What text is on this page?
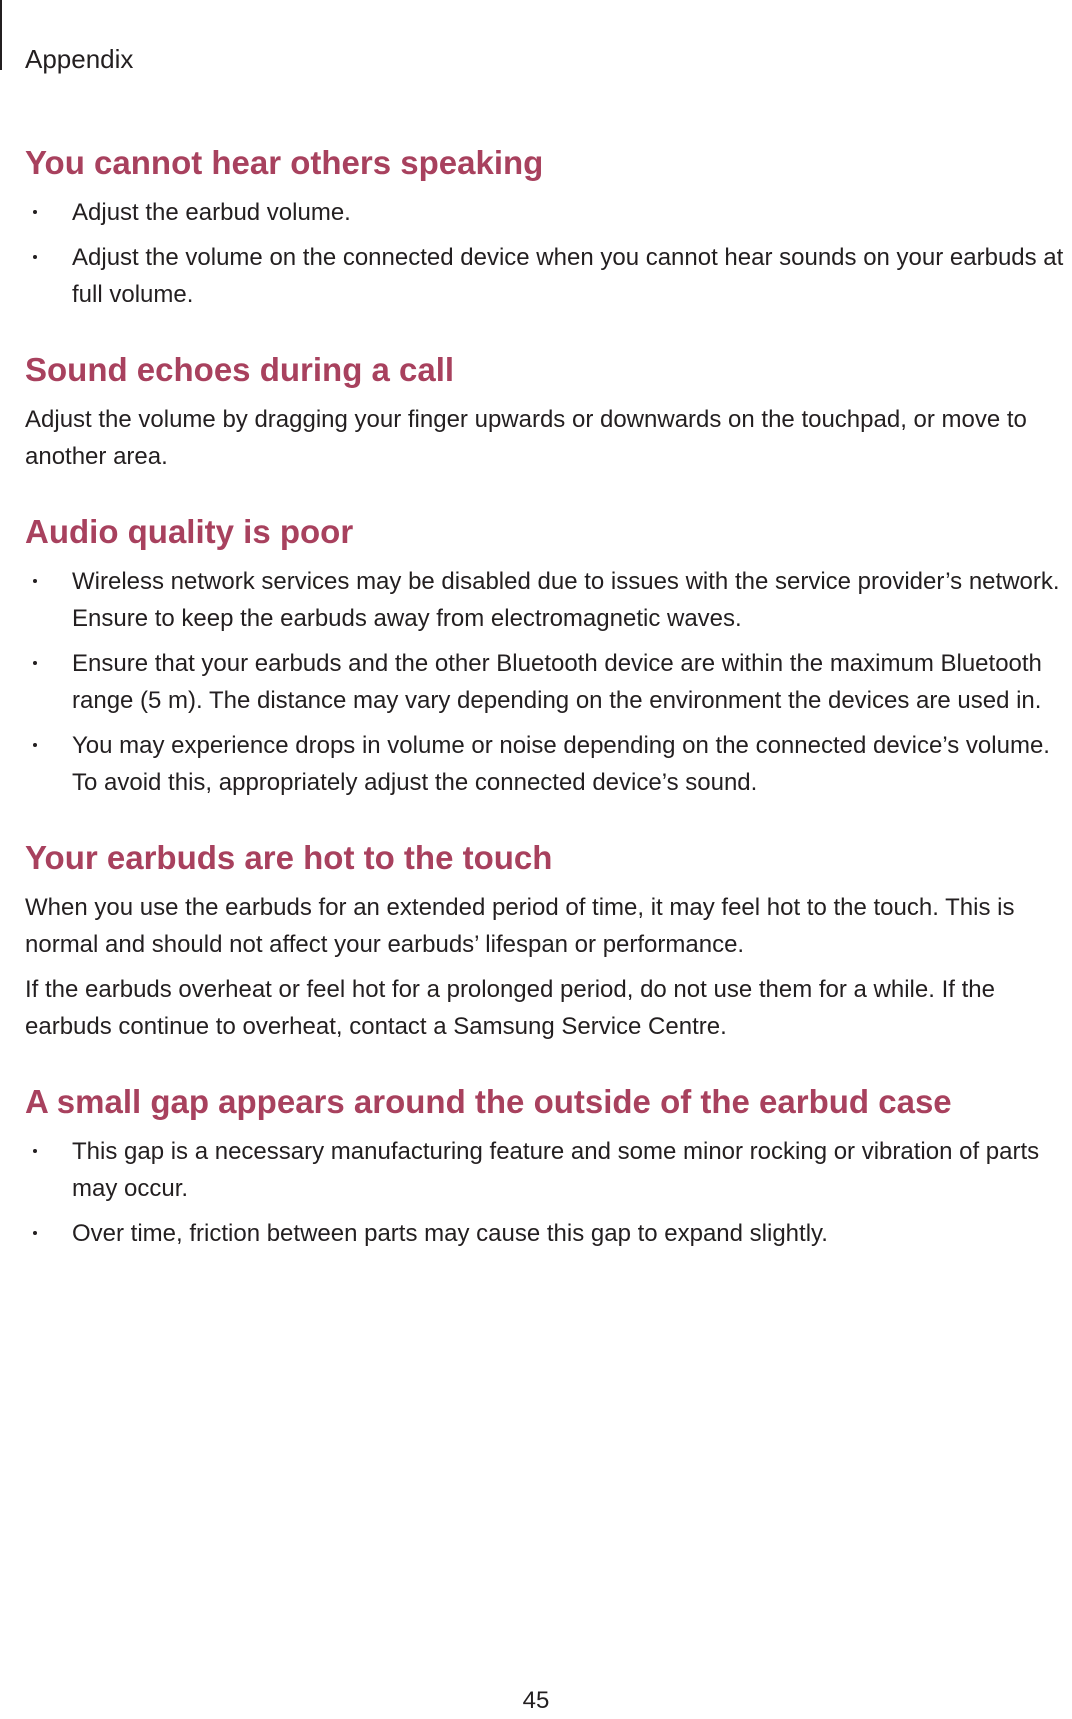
Appendix
You cannot hear others speaking
Adjust the earbud volume.
Adjust the volume on the connected device when you cannot hear sounds on your earbuds at full volume.
Sound echoes during a call

Adjust the volume by dragging your finger upwards or downwards on the touchpad, or move to another area.

Audio quality is poor
Wireless network services may be disabled due to issues with the service provider’s network. Ensure to keep the earbuds away from electromagnetic waves.
Ensure that your earbuds and the other Bluetooth device are within the maximum Bluetooth range (5 m). The distance may vary depending on the environment the devices are used in.
You may experience drops in volume or noise depending on the connected device’s volume. To avoid this, appropriately adjust the connected device’s sound.
Your earbuds are hot to the touch

When you use the earbuds for an extended period of time, it may feel hot to the touch. This is normal and should not affect your earbuds’ lifespan or performance.

If the earbuds overheat or feel hot for a prolonged period, do not use them for a while. If the earbuds continue to overheat, contact a Samsung Service Centre.

A small gap appears around the outside of the earbud case
This gap is a necessary manufacturing feature and some minor rocking or vibration of parts may occur.
Over time, friction between parts may cause this gap to expand slightly.
45
